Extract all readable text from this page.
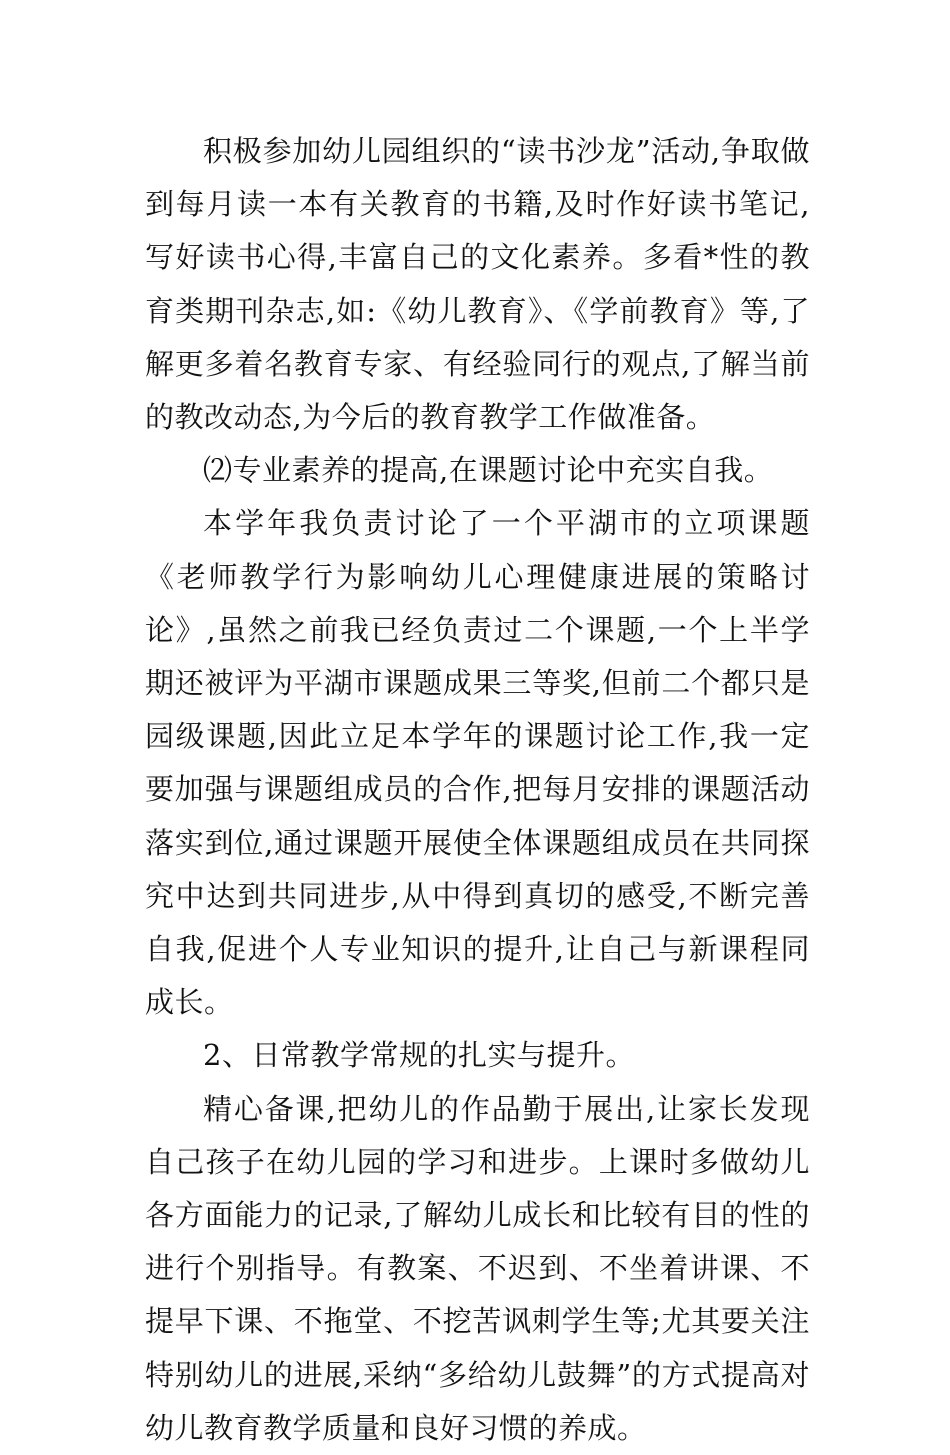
积极参加幼儿园组织的“读书沙龙”活动,争取做到每月读一本有关教育的书籍,及时作好读书笔记,写好读书心得,丰富自己的文化素养。多看*性的教育类期刊杂志,如:《幼儿教育》、《学前教育》等,了解更多着名教育专家、有经验同行的观点,了解当前的教改动态,为今后的教育教学工作做准备。

⑵专业素养的提高,在课题讨论中充实自我。

本学年我负责讨论了一个平湖市的立项课题《老师教学行为影响幼儿心理健康进展的策略讨论》,虽然之前我已经负责过二个课题,一个上半学期还被评为平湖市课题成果三等奖,但前二个都只是园级课题,因此立足本学年的课题讨论工作,我一定要加强与课题组成员的合作,把每月安排的课题活动落实到位,通过课题开展使全体课题组成员在共同探究中达到共同进步,从中得到真切的感受,不断完善自我,促进个人专业知识的提升,让自己与新课程同成长。

2、日常教学常规的扎实与提升。

精心备课,把幼儿的作品勤于展出,让家长发现自己孩子在幼儿园的学习和进步。上课时多做幼儿各方面能力的记录,了解幼儿成长和比较有目的性的进行个别指导。有教案、不迟到、不坐着讲课、不提早下课、不拖堂、不挖苦讽刺学生等;尤其要关注特别幼儿的进展,采纳“多给幼儿鼓舞”的方式提高对幼儿教育教学质量和良好习惯的养成。
